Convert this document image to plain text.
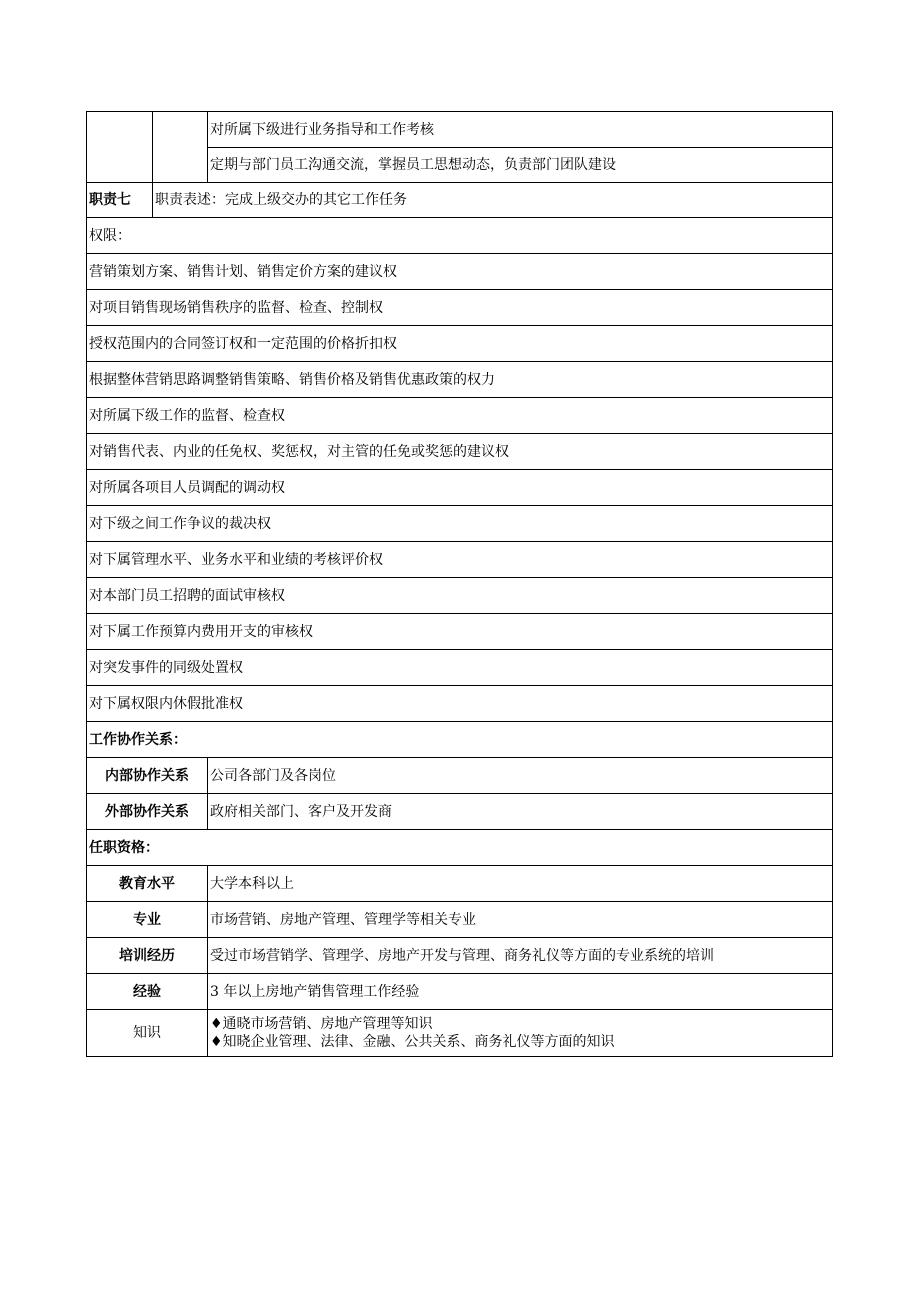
		对所属下级进行业务指导和工作考核
		定期与部门员工沟通交流，掌握员工思想动态，负责部门团队建设
职责七	职责表述：完成上级交办的其它工作任务	
权限：		
营销策划方案、销售计划、销售定价方案的建议权		
对项目销售现场销售秩序的监督、检查、控制权		
授权范围内的合同签订权和一定范围的价格折扣权		
根据整体营销思路调整销售策略、销售价格及销售优惠政策的权力		
对所属下级工作的监督、检查权		
对销售代表、内业的任免权、奖惩权，对主管的任免或奖惩的建议权		
对所属各项目人员调配的调动权		
对下级之间工作争议的裁决权		
对下属管理水平、业务水平和业绩的考核评价权		
对本部门员工招聘的面试审核权		
对下属工作预算内费用开支的审核权		
对突发事件的同级处置权		
对下属权限内休假批准权		
工作协作关系：		
内部协作关系		公司各部门及各岗位
外部协作关系		政府相关部门、客户及开发商
任职资格：		
教育水平		大学本科以上
专业		市场营销、房地产管理、管理学等相关专业
培训经历		受过市场营销学、管理学、房地产开发与管理、商务礼仪等方面的专业系统的培训
经验		3 年以上房地产销售管理工作经验
知识		♦通晓市场营销、房地产管理等知识
♦知晓企业管理、法律、金融、公共关系、商务礼仪等方面的知识
